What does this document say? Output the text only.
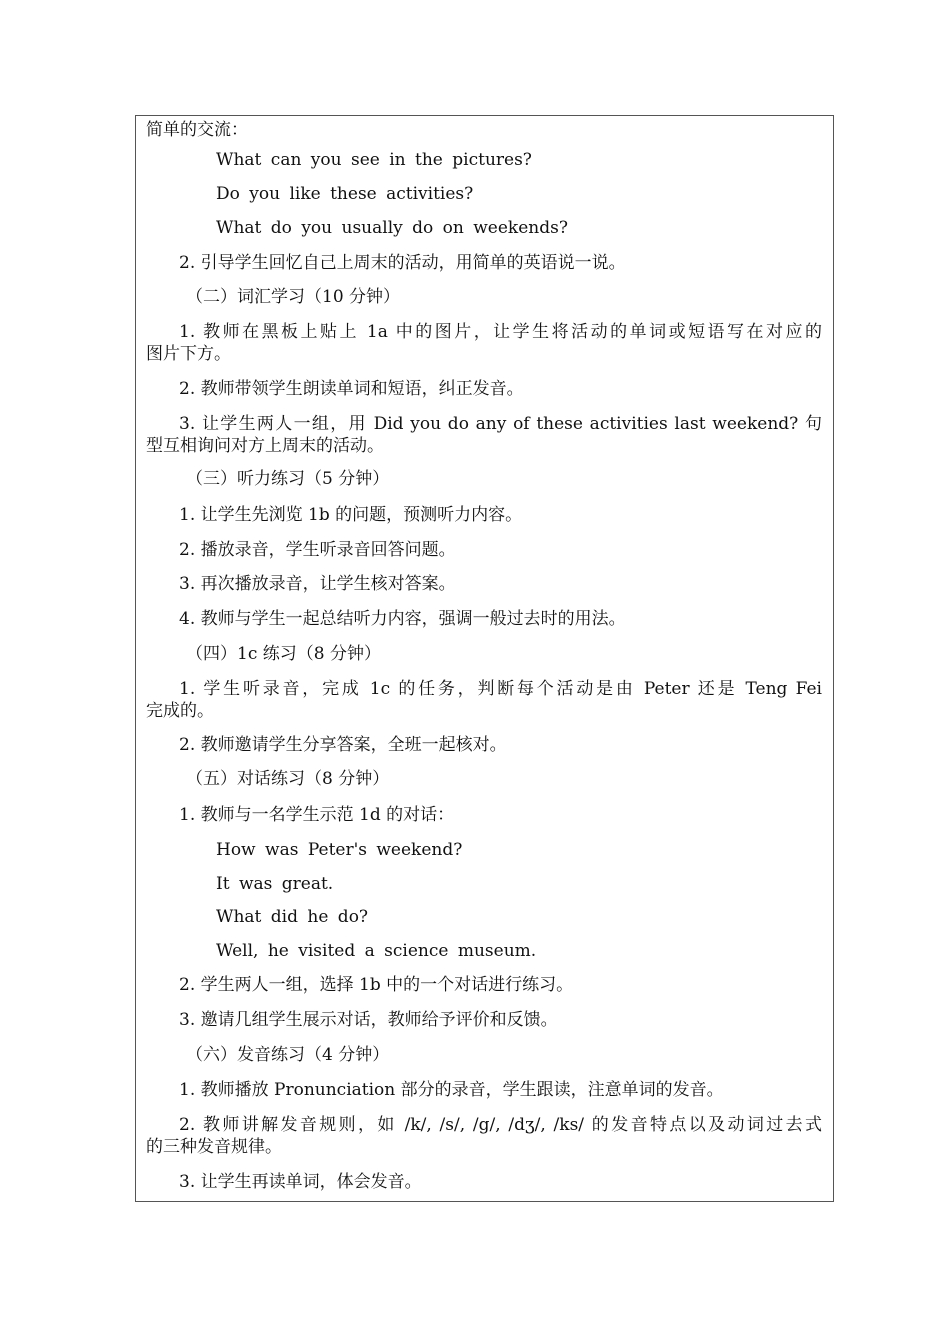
简单的交流：
What can you see in the pictures?
Do you like these activities?
What do you usually do on weekends?
2. 引导学生回忆自己上周末的活动，用简单的英语说一说。
（二）词汇学习（10 分钟）
1. 教师在黑板上贴上 1a 中的图片，让学生将活动的单词或短语写在对应的
图片下方。
2. 教师带领学生朗读单词和短语，纠正发音。
3. 让学生两人一组，用 Did you do any of these activities last weekend? 句
型互相询问对方上周末的活动。
（三）听力练习（5 分钟）
1. 让学生先浏览 1b 的问题，预测听力内容。
2. 播放录音，学生听录音回答问题。
3. 再次播放录音，让学生核对答案。
4. 教师与学生一起总结听力内容，强调一般过去时的用法。
（四）1c 练习（8 分钟）
1. 学生听录音，完成 1c 的任务，判断每个活动是由 Peter 还是 Teng Fei
完成的。
2. 教师邀请学生分享答案，全班一起核对。
（五）对话练习（8 分钟）
1. 教师与一名学生示范 1d 的对话：
How was Peter's weekend?
It was great.
What did he do?
Well, he visited a science museum.
2. 学生两人一组，选择 1b 中的一个对话进行练习。
3. 邀请几组学生展示对话，教师给予评价和反馈。
（六）发音练习（4 分钟）
1. 教师播放 Pronunciation 部分的录音，学生跟读，注意单词的发音。
2. 教师讲解发音规则，如 /k/, /s/, /g/, /dʒ/, /ks/ 的发音特点以及动词过去式
的三种发音规律。
3. 让学生再读单词，体会发音。
